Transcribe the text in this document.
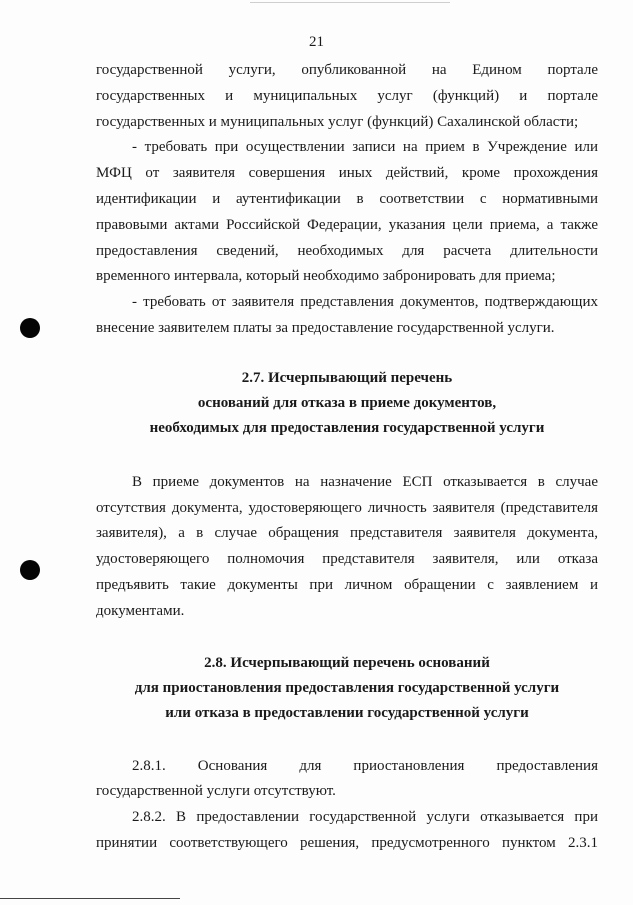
21

государственной услуги, опубликованной на Едином портале
государственных и муниципальных услуг (функций) и портале
государственных и муниципальных услуг (функций) Сахалинской области;

- требовать при осуществлении записи на прием в Учреждение или
МФЦ от заявителя совершения иных действий, кроме прохождения
идентификации и аутентификации в соответствии с нормативными
правовыми актами Российской Федерации, указания цели приема, а также
предоставления сведений, необходимых для расчета длительности
временного интервала, который необходимо забронировать для приема;

- требовать от заявителя представления документов, подтверждающих
внесение заявителем платы за предоставление государственной услуги.

2.7. Исчерпывающий перечень
оснований для отказа в приеме документов,
необходимых для предоставления государственной услуги

В приеме документов на назначение ЕСП отказывается в случае
отсутствия документа, удостоверяющего личность заявителя (представителя
заявителя), а в случае обращения представителя заявителя документа,
удостоверяющего полномочия представителя заявителя, или отказа
предъявить такие документы при личном обращении с заявлением и
документами.

2.8. Исчерпывающий перечень оснований
для приостановления предоставления государственной услуги
или отказа в предоставлении государственной услуги

2.8.1. Основания для приостановления предоставления
государственной услуги отсутствуют.

2.8.2. В предоставлении государственной услуги отказывается при
принятии соответствующего решения, предусмотренного пунктом 2.3.1
